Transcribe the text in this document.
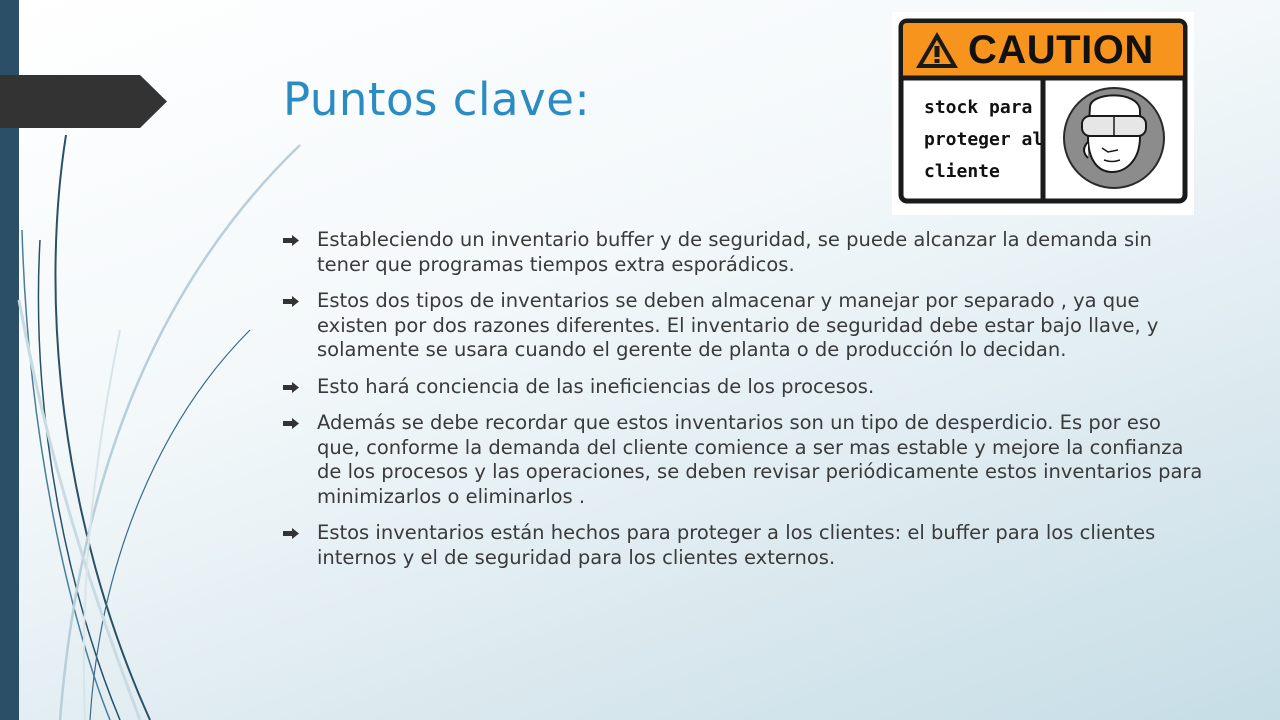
Puntos clave:
CAUTION
stock para proteger al cliente
Estableciendo un inventario buffer y de seguridad, se puede alcanzar la demanda sin tener que programas tiempos extra esporádicos.
Estos dos tipos de inventarios se deben almacenar y manejar por separado , ya que existen por dos razones diferentes. El inventario de seguridad debe estar bajo llave, y solamente se usara cuando el gerente de planta o de producción lo decidan.
Esto hará conciencia de las ineficiencias de los procesos.
Además se debe recordar que estos inventarios son un tipo de desperdicio. Es por eso que, conforme la demanda del cliente comience a ser mas estable y mejore la confianza de los procesos y las operaciones, se deben revisar periódicamente estos inventarios para minimizarlos o eliminarlos .
Estos inventarios están hechos para proteger a los clientes: el buffer para los clientes internos y el de seguridad para los clientes externos.
